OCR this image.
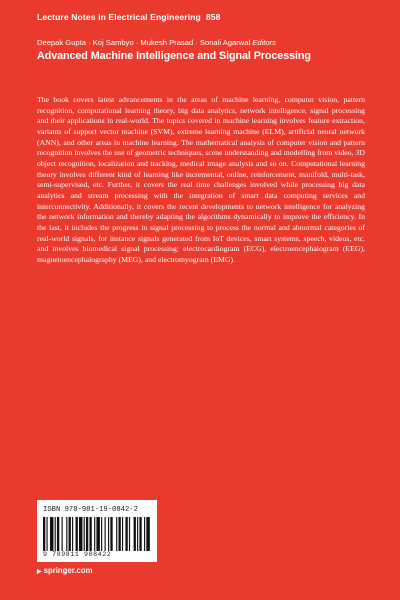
Lecture Notes in Electrical Engineering 858
Deepak Gupta · Koj Sambyo · Mukesh Prasad · Sonali Agarwal Editors
Advanced Machine Intelligence and Signal Processing
The book covers latest advancements in the areas of machine learning, computer vision, pattern recognition, computational learning theory, big data analytics, network intelligence, signal processing and their applications in real-world. The topics covered in machine learning involves feature extraction, variants of support vector machine (SVM), extreme learning machine (ELM), artificial neural network (ANN), and other areas in machine learning. The mathematical analysis of computer vision and pattern recognition involves the use of geometric techniques, scene understanding and modelling from video, 3D object recognition, localization and tracking, medical image analysis and so on. Computational learning theory involves different kind of learning like incremental, online, reinforcement, manifold, multi-task, semi-supervised, etc. Further, it covers the real time challenges involved while processing big data analytics and stream processing with the integration of smart data computing services and interconnectivity. Additionally, it covers the recent developments to network intelligence for analyzing the network information and thereby adapting the algorithms dynamically to improve the efficiency. In the last, it includes the progress in signal processing to process the normal and abnormal categories of real-world signals, for instance signals generated from IoT devices, smart systems, speech, videos, etc. and involves biomedical signal processing: electrocardiogram (ECG), electroencephalogram (EEG), magnetoencephalography (MEG), and electromyogram (EMG).
ISBN 978-981-19-0842-2
9 789811 908422
▶ springer.com
